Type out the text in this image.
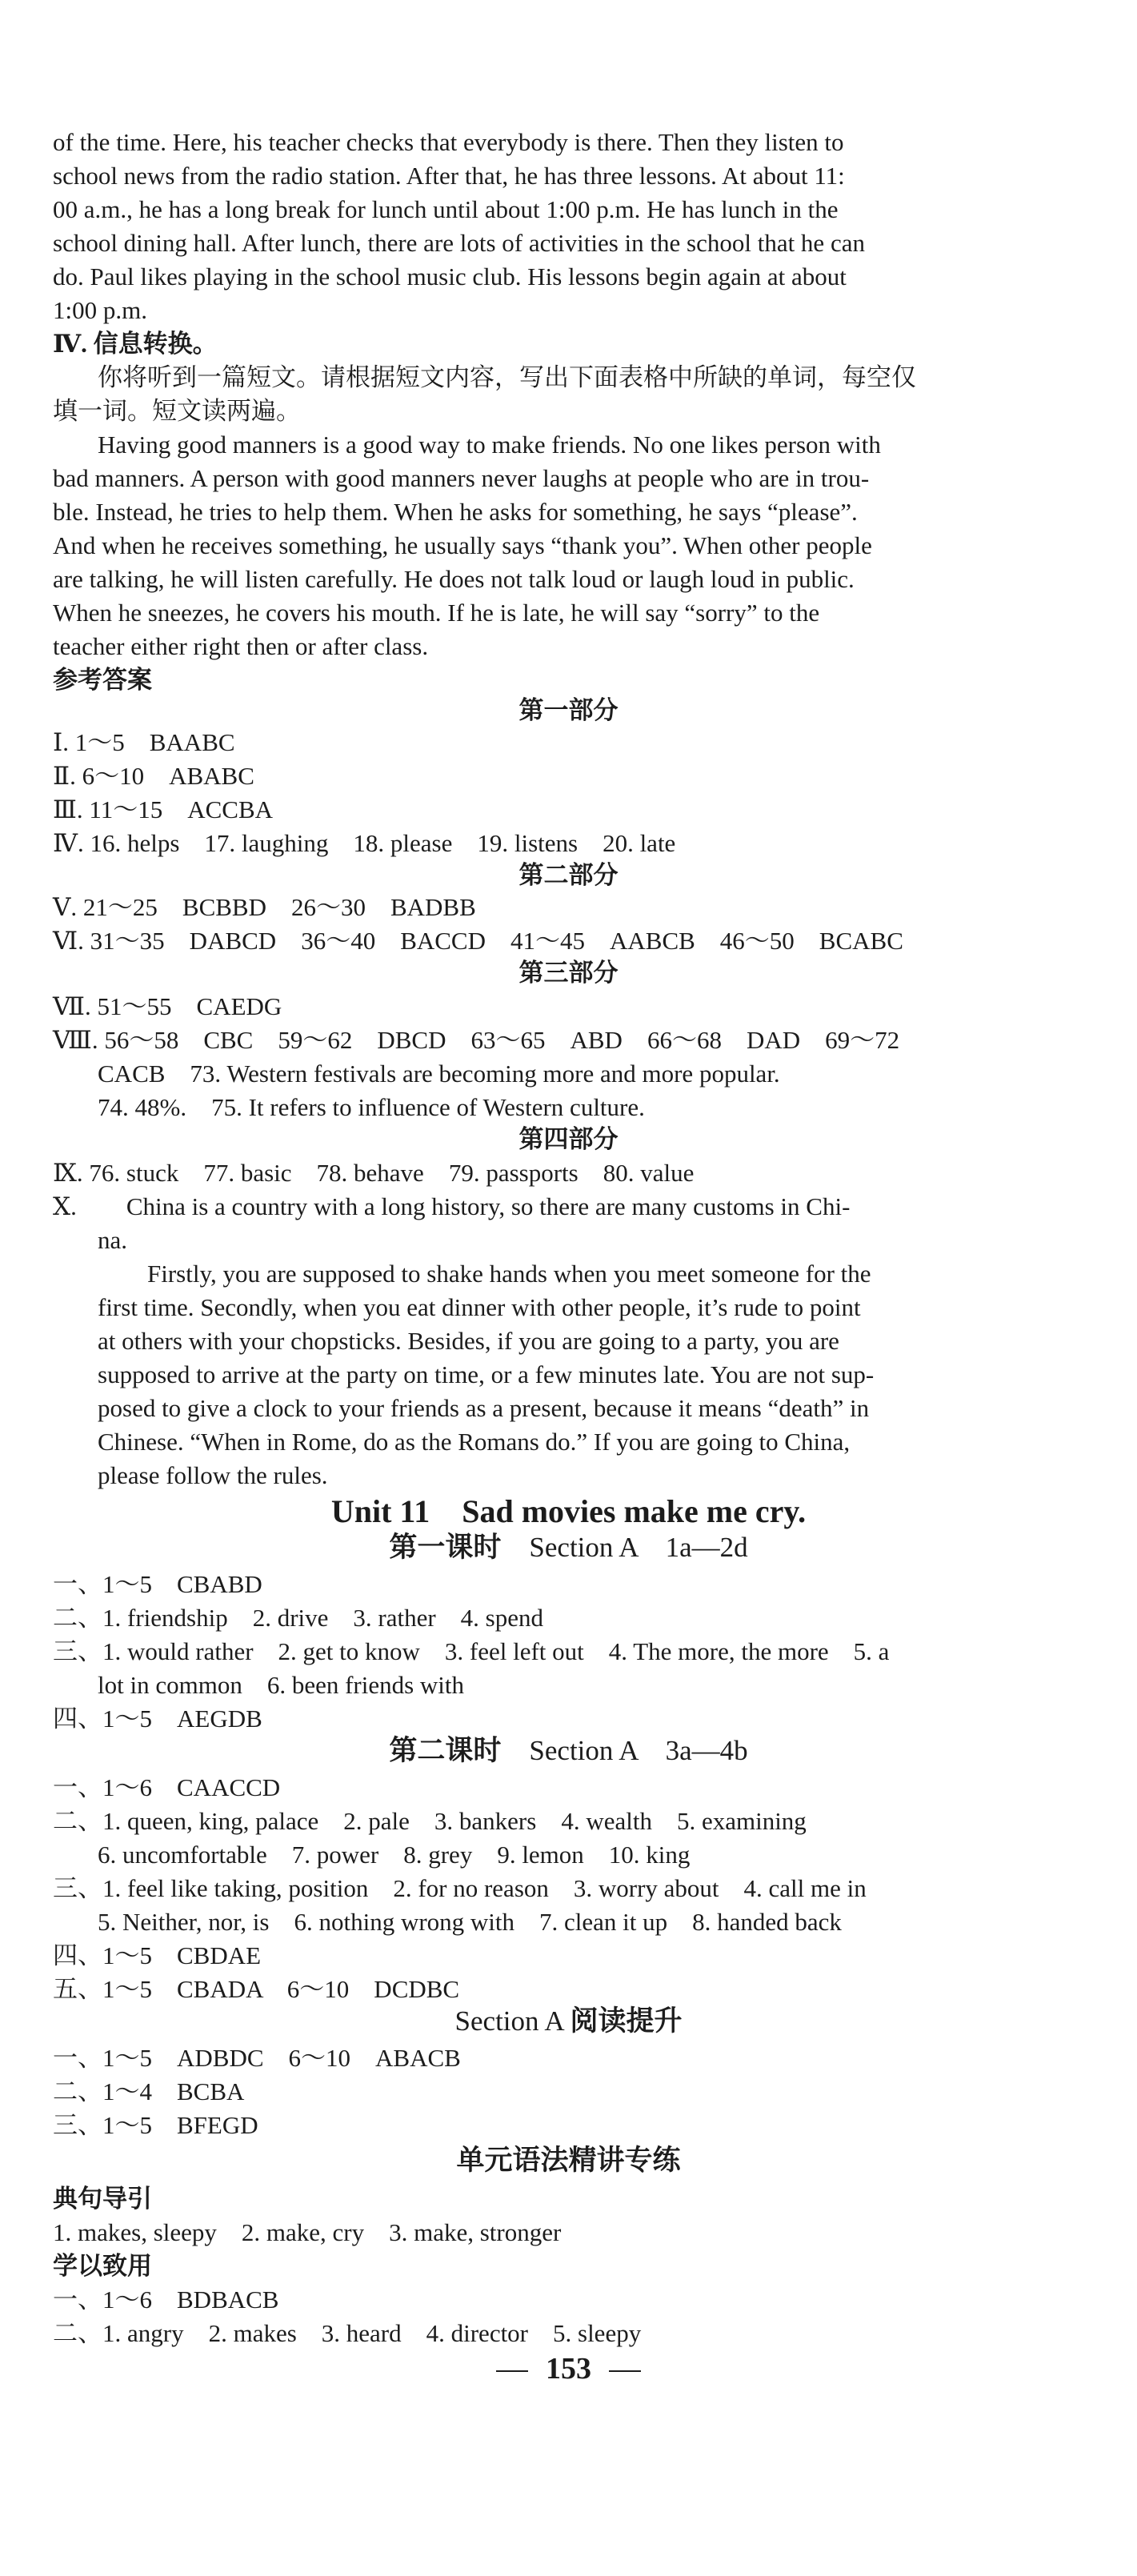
of the time. Here, his teacher checks that everybody is there. Then they listen to
school news from the radio station. After that, he has three lessons. At about 11:
00 a.m., he has a long break for lunch until about 1:00 p.m. He has lunch in the
school dining hall. After lunch, there are lots of activities in the school that he can
do. Paul likes playing in the school music club. His lessons begin again at about
1:00 p.m.
Ⅳ. 信息转换。
你将听到一篇短文。请根据短文内容，写出下面表格中所缺的单词，每空仅
填一词。短文读两遍。
Having good manners is a good way to make friends. No one likes person with
bad manners. A person with good manners never laughs at people who are in trou-
ble. Instead, he tries to help them. When he asks for something, he says “please”.
And when he receives something, he usually says “thank you”. When other people
are talking, he will listen carefully. He does not talk loud or laugh loud in public.
When he sneezes, he covers his mouth. If he is late, he will say “sorry” to the
teacher either right then or after class.
参考答案
第一部分
Ⅰ. 1～5　BAABC
Ⅱ. 6～10　ABABC
Ⅲ. 11～15　ACCBA
Ⅳ. 16. helps　17. laughing　18. please　19. listens　20. late
第二部分
Ⅴ. 21～25　BCBBD　26～30　BADBB
Ⅵ. 31～35　DABCD　36～40　BACCD　41～45　AABCB　46～50　BCABC
第三部分
Ⅶ. 51～55　CAEDG
Ⅷ. 56～58　CBC　59～62　DBCD　63～65　ABD　66～68　DAD　69～72
CACB　73. Western festivals are becoming more and more popular.
74. 48%.　75. It refers to influence of Western culture.
第四部分
Ⅸ. 76. stuck　77. basic　78. behave　79. passports　80. value
Ⅹ.　　China is a country with a long history, so there are many customs in Chi-
na.
　　Firstly, you are supposed to shake hands when you meet someone for the
first time. Secondly, when you eat dinner with other people, it’s rude to point
at others with your chopsticks. Besides, if you are going to a party, you are
supposed to arrive at the party on time, or a few minutes late. You are not sup-
posed to give a clock to your friends as a present, because it means “death” in
Chinese. “When in Rome, do as the Romans do.” If you are going to China,
please follow the rules.
Unit 11　Sad movies make me cry.
第一课时　 Section A　1a—2d
一、1～5　CBABD
二、1. friendship　2. drive　3. rather　4. spend
三、1. would rather　2. get to know　3. feel left out　4. The more, the more　5. a
lot in common　6. been friends with
四、1～5　AEGDB
第二课时　 Section A　3a—4b
一、1～6　CAACCD
二、1. queen, king, palace　2. pale　3. bankers　4. wealth　5. examining
6. uncomfortable　7. power　8. grey　9. lemon　10. king
三、1. feel like taking, position　2. for no reason　3. worry about　4. call me in
5. Neither, nor, is　6. nothing wrong with　7. clean it up　8. handed back
四、1～5　CBDAE
五、1～5　CBADA　6～10　DCDBC
Section A 阅读提升
一、1～5　ADBDC　6～10　ABACB
二、1～4　BCBA
三、1～5　BFEGD
单元语法精讲专练
典句导引
1. makes, sleepy　2. make, cry　3. make, stronger
学以致用
一、1～6　BDBACB
二、1. angry　2. makes　3. heard　4. director　5. sleepy
153
